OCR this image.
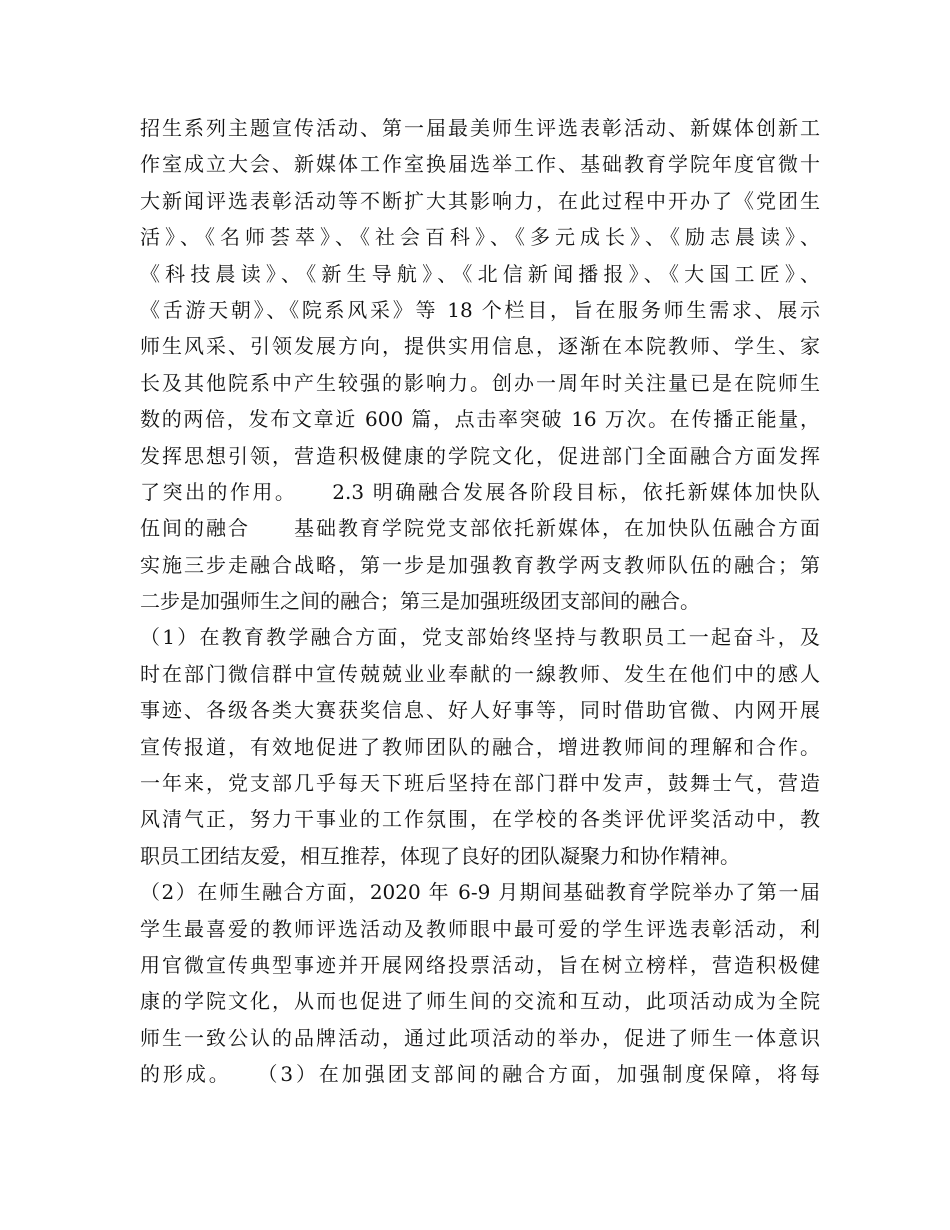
招生系列主题宣传活动、第一届最美师生评选表彰活动、新媒体创新工
作室成立大会、新媒体工作室换届选举工作、基础教育学院年度官微十
大新闻评选表彰活动等不断扩大其影响力，在此过程中开办了《党团生
活》、《名师荟萃》、《社会百科》、《多元成长》、《励志晨读》、
《科技晨读》、《新生导航》、《北信新闻播报》、《大国工匠》、
《舌游天朝》、《院系风采》等 18 个栏目，旨在服务师生需求、展示
师生风采、引领发展方向，提供实用信息，逐渐在本院教师、学生、家
长及其他院系中产生较强的影响力。创办一周年时关注量已是在院师生
数的两倍，发布文章近 600 篇，点击率突破 16 万次。在传播正能量，
发挥思想引领，营造积极健康的学院文化，促进部门全面融合方面发挥
了突出的作用。　　2.3 明确融合发展各阶段目标，依托新媒体加快队
伍间的融合　　基础教育学院党支部依托新媒体，在加快队伍融合方面
实施三步走融合战略，第一步是加强教育教学两支教师队伍的融合；第
二步是加强师生之间的融合；第三是加强班级团支部间的融合。
（1）在教育教学融合方面，党支部始终坚持与教职员工一起奋斗，及
时在部门微信群中宣传兢兢业业奉献的一線教师、发生在他们中的感人
事迹、各级各类大赛获奖信息、好人好事等，同时借助官微、内网开展
宣传报道，有效地促进了教师团队的融合，增进教师间的理解和合作。
一年来，党支部几乎每天下班后坚持在部门群中发声，鼓舞士气，营造
风清气正，努力干事业的工作氛围，在学校的各类评优评奖活动中，教
职员工团结友爱，相互推荐，体现了良好的团队凝聚力和协作精神。
（2）在师生融合方面，2020 年 6-9 月期间基础教育学院举办了第一届
学生最喜爱的教师评选活动及教师眼中最可爱的学生评选表彰活动，利
用官微宣传典型事迹并开展网络投票活动，旨在树立榜样，营造积极健
康的学院文化，从而也促进了师生间的交流和互动，此项活动成为全院
师生一致公认的品牌活动，通过此项活动的举办，促进了师生一体意识
的形成。　　（3）在加强团支部间的融合方面，加强制度保障，将每
